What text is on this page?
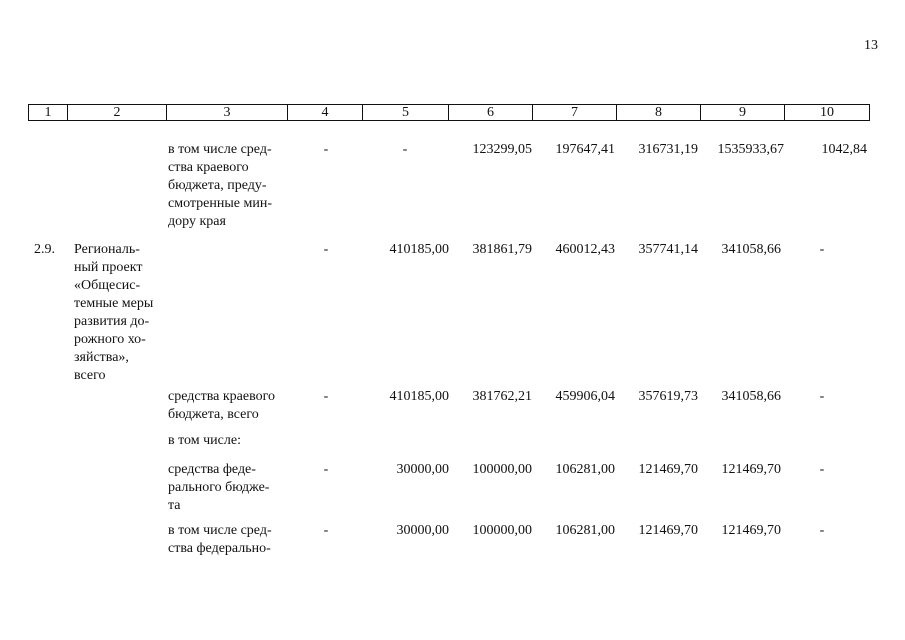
13
1	2	3	4	5	6	7	8	9	10
в том числе сред-
ства краевого
бюджета, преду-
смотренные мин-
дору края
-	-	123299,05	197647,41	316731,19	1535933,67	1042,84
2.9. Региональ-
ный проект
«Общесис-
темные меры
развития до-
рожного хо-
зяйства»,
всего
-	410185,00	381861,79	460012,43	357741,14	341058,66	-
средства краевого
бюджета, всего
-	410185,00	381762,21	459906,04	357619,73	341058,66	-
в том числе:
средства феде-
рального бюдже-
та
-	30000,00	100000,00	106281,00	121469,70	121469,70	-
в том числе сред-
ства федерально-
-	30000,00	100000,00	106281,00	121469,70	121469,70	-
